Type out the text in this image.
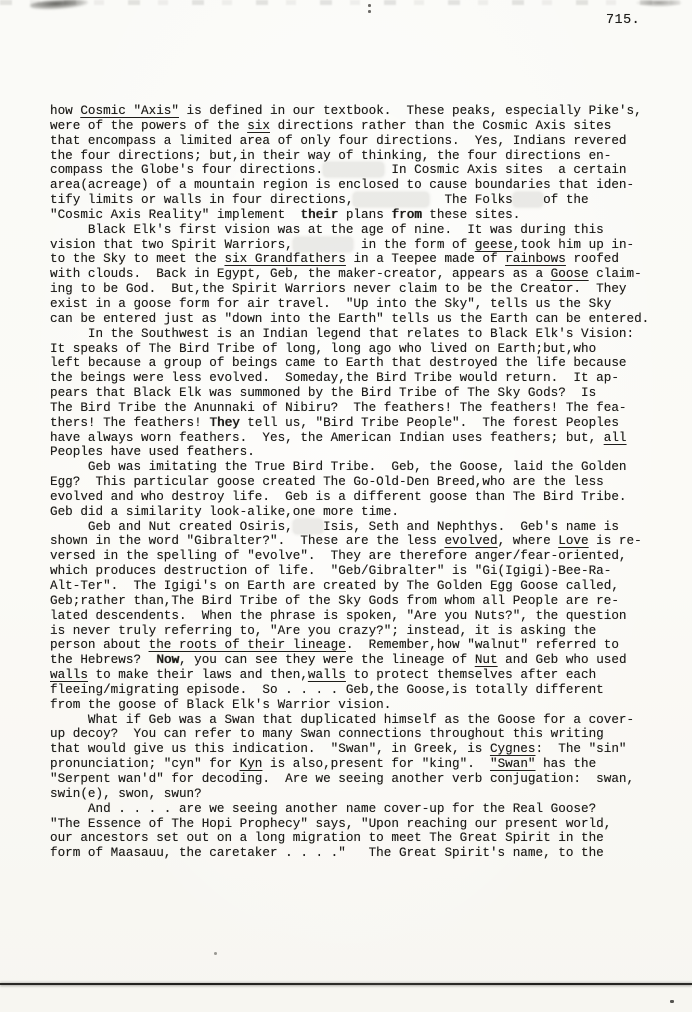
715.
how Cosmic "Axis" is defined in our textbook.  These peaks, especially Pike's,
were of the powers of the six directions rather than the Cosmic Axis sites
that encompass a limited area of only four directions.  Yes, Indians revered
the four directions; but,in their way of thinking, the four directions en-
compass the Globe's four directions.	In Cosmic Axis sites  a certain
area(acreage) of a mountain region is enclosed to cause boundaries that iden-
tify limits or walls in four directions,	The Folks of the
"Cosmic Axis Reality" implement  their plans from these sites.
Black Elk's first vision was at the age of nine.  It was during this
vision that two Spirit Warriors,	in the form of geese,took him up in-
to the Sky to meet the six Grandfathers in a Teepee made of rainbows roofed
with clouds.  Back in Egypt, Geb, the maker-creator, appears as a Goose claim-
ing to be God.  But,the Spirit Warriors never claim to be the Creator.  They
exist in a goose form for air travel.  "Up into the Sky", tells us the Sky
can be entered just as "down into the Earth" tells us the Earth can be entered.
In the Southwest is an Indian legend that relates to Black Elk's Vision:
It speaks of The Bird Tribe of long, long ago who lived on Earth;but,who
left because a group of beings came to Earth that destroyed the life because
the beings were less evolved.  Someday,the Bird Tribe would return.  It ap-
pears that Black Elk was summoned by the Bird Tribe of The Sky Gods?  Is
The Bird Tribe the Anunnaki of Nibiru?  The feathers! The feathers! The fea-
thers! The feathers! They tell us, "Bird Tribe People".  The forest Peoples
have always worn feathers.  Yes, the American Indian uses feathers; but, all
Peoples have used feathers.
Geb was imitating the True Bird Tribe.  Geb, the Goose, laid the Golden
Egg?  This particular goose created The Go-Old-Den Breed,who are the less
evolved and who destroy life.  Geb is a different goose than The Bird Tribe.
Geb did a similarity look-alike,one more time.
Geb and Nut created Osiris, Isis, Seth and Nephthys.  Geb's name is
shown in the word "Gibralter?".  These are the less evolved, where Love is re-
versed in the spelling of "evolve".  They are therefore anger/fear-oriented,
which produces destruction of life.  "Geb/Gibralter" is "Gi(Igigi)-Bee-Ra-
Alt-Ter".  The Igigi's on Earth are created by The Golden Egg Goose called,
Geb;rather than,The Bird Tribe of the Sky Gods from whom all People are re-
lated descendents.  When the phrase is spoken, "Are you Nuts?", the question
is never truly referring to, "Are you crazy?"; instead, it is asking the
person about the roots of their lineage.  Remember,how "walnut" referred to
the Hebrews?  Now, you can see they were the lineage of Nut and Geb who used
walls to make their laws and then,walls to protect themselves after each
fleeing/migrating episode.  So . . . . Geb,the Goose,is totally different
from the goose of Black Elk's Warrior vision.
What if Geb was a Swan that duplicated himself as the Goose for a cover-
up decoy?  You can refer to many Swan connections throughout this writing
that would give us this indication.  "Swan", in Greek, is Cygnes:  The "sin"
pronunciation; "cyn" for Kyn is also,present for "king".  "Swan" has the
"Serpent wan'd" for decoding.  Are we seeing another verb conjugation:  swan,
swin(e), swon, swun?
And . . . . are we seeing another name cover-up for the Real Goose?
"The Essence of The Hopi Prophecy" says, "Upon reaching our present world,
our ancestors set out on a long migration to meet The Great Spirit in the
form of Maasauu, the caretaker . . . ."   The Great Spirit's name, to the
